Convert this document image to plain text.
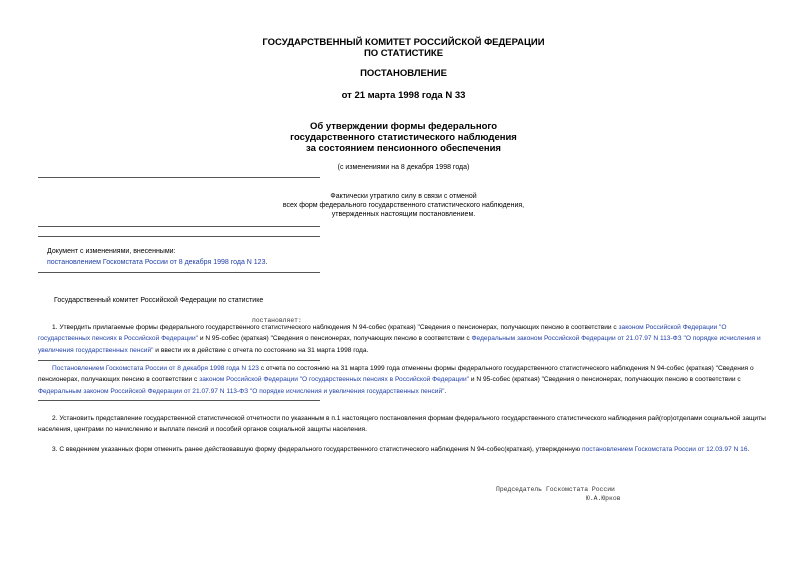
ГОСУДАРСТВЕННЫЙ КОМИТЕТ РОССИЙСКОЙ ФЕДЕРАЦИИ
ПО СТАТИСТИКЕ
ПОСТАНОВЛЕНИЕ
от 21 марта 1998 года N 33
Об утверждении формы федерального
государственного статистического наблюдения
за состоянием пенсионного обеспечения
(с изменениями на 8 декабря 1998 года)
Фактически утратило силу в связи с отменой
всех форм федерального государственного статистического наблюдения,
утвержденных настоящим постановлением.
Документ с изменениями, внесенными:
постановлением Госкомстата России от 8 декабря 1998 года N 123.
Государственный комитет Российской Федерации по статистике
постановляет:
1. Утвердить прилагаемые формы федерального государственного статистического наблюдения N 94-собес (краткая) "Сведения о пенсионерах, получающих пенсию в соответствии с законом Российской Федерации "О государственных пенсиях в Российской Федерации" и N 95-собес (краткая) "Сведения о пенсионерах, получающих пенсию в соответствии с Федеральным законом Российской Федерации от 21.07.97 N 113-ФЗ "О порядке исчисления и увеличения государственных пенсий" и ввести их в действие с отчета по состоянию на 31 марта 1998 года.
Постановлением Госкомстата России от 8 декабря 1998 года N 123 с отчета по состоянию на 31 марта 1999 года отменены формы федерального государственного статистического наблюдения N 94-собес (краткая) "Сведения о пенсионерах, получающих пенсию в соответствии с законом Российской Федерации "О государственных пенсиях в Российской Федерации" и N 95-собес (краткая) "Сведения о пенсионерах, получающих пенсию в соответствии с Федеральным законом Российской Федерации от 21.07.97 N 113-ФЗ "О порядке исчисления и увеличения государственных пенсий".
2. Установить представление государственной статистической отчетности по указанным в п.1 настоящего постановления формам федерального государственного статистического наблюдения рай(гор)отделами социальной защиты населения, центрами по начислению и выплате пенсий и пособий органов социальной защиты населения.
3. С введением указанных форм отменить ранее действовавшую форму федерального государственного статистического наблюдения N 94-собес(краткая), утвержденную постановлением Госкомстата России от 12.03.97 N 16.
Председатель Госкомстата России
Ю.А.Юрков
